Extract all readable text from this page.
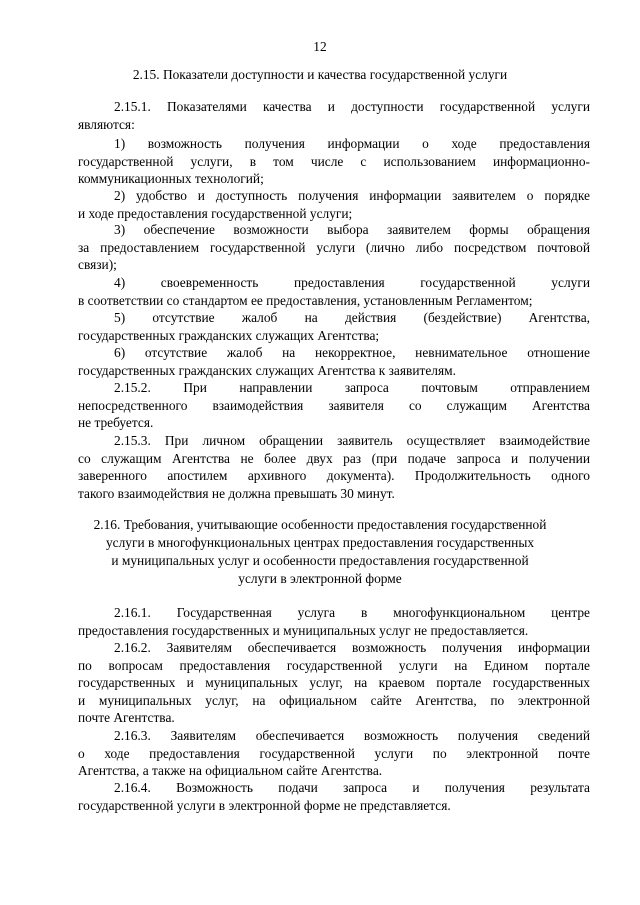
12
2.15. Показатели доступности и качества государственной услуги

2.15.1. Показателями качества и доступности государственной услуги

являются:

1) возможность получения информации о ходе предоставления

государственной услуги, в том числе с использованием информационно-

коммуникационных технологий;

2) удобство и доступность получения информации заявителем о порядке

и ходе предоставления государственной услуги;

3) обеспечение возможности выбора заявителем формы обращения

за предоставлением государственной услуги (лично либо посредством почтовой

связи);

4) своевременность предоставления государственной услуги

в соответствии со стандартом ее предоставления, установленным Регламентом;

5) отсутствие жалоб на действия (бездействие) Агентства,

государственных гражданских служащих Агентства;

6) отсутствие жалоб на некорректное, невнимательное отношение

государственных гражданских служащих Агентства к заявителям.

2.15.2. При направлении запроса почтовым отправлением

непосредственного взаимодействия заявителя со служащим Агентства

не требуется.

2.15.3. При личном обращении заявитель осуществляет взаимодействие

со служащим Агентства не более двух раз (при подаче запроса и получении

заверенного апостилем архивного документа). Продолжительность одного

такого взаимодействия не должна превышать 30 минут.

2.16. Требования, учитывающие особенности предоставления государственной

услуги в многофункциональных центрах предоставления государственных

и муниципальных услуг и особенности предоставления государственной

услуги в электронной форме

2.16.1. Государственная услуга в многофункциональном центре

предоставления государственных и муниципальных услуг не предоставляется.

2.16.2. Заявителям обеспечивается возможность получения информации

по вопросам предоставления государственной услуги на Едином портале

государственных и муниципальных услуг, на краевом портале государственных

и муниципальных услуг, на официальном сайте Агентства, по электронной

почте Агентства.

2.16.3. Заявителям обеспечивается возможность получения сведений

о ходе предоставления государственной услуги по электронной почте

Агентства, а также на официальном сайте Агентства.

2.16.4. Возможность подачи запроса и получения результата

государственной услуги в электронной форме не представляется.
